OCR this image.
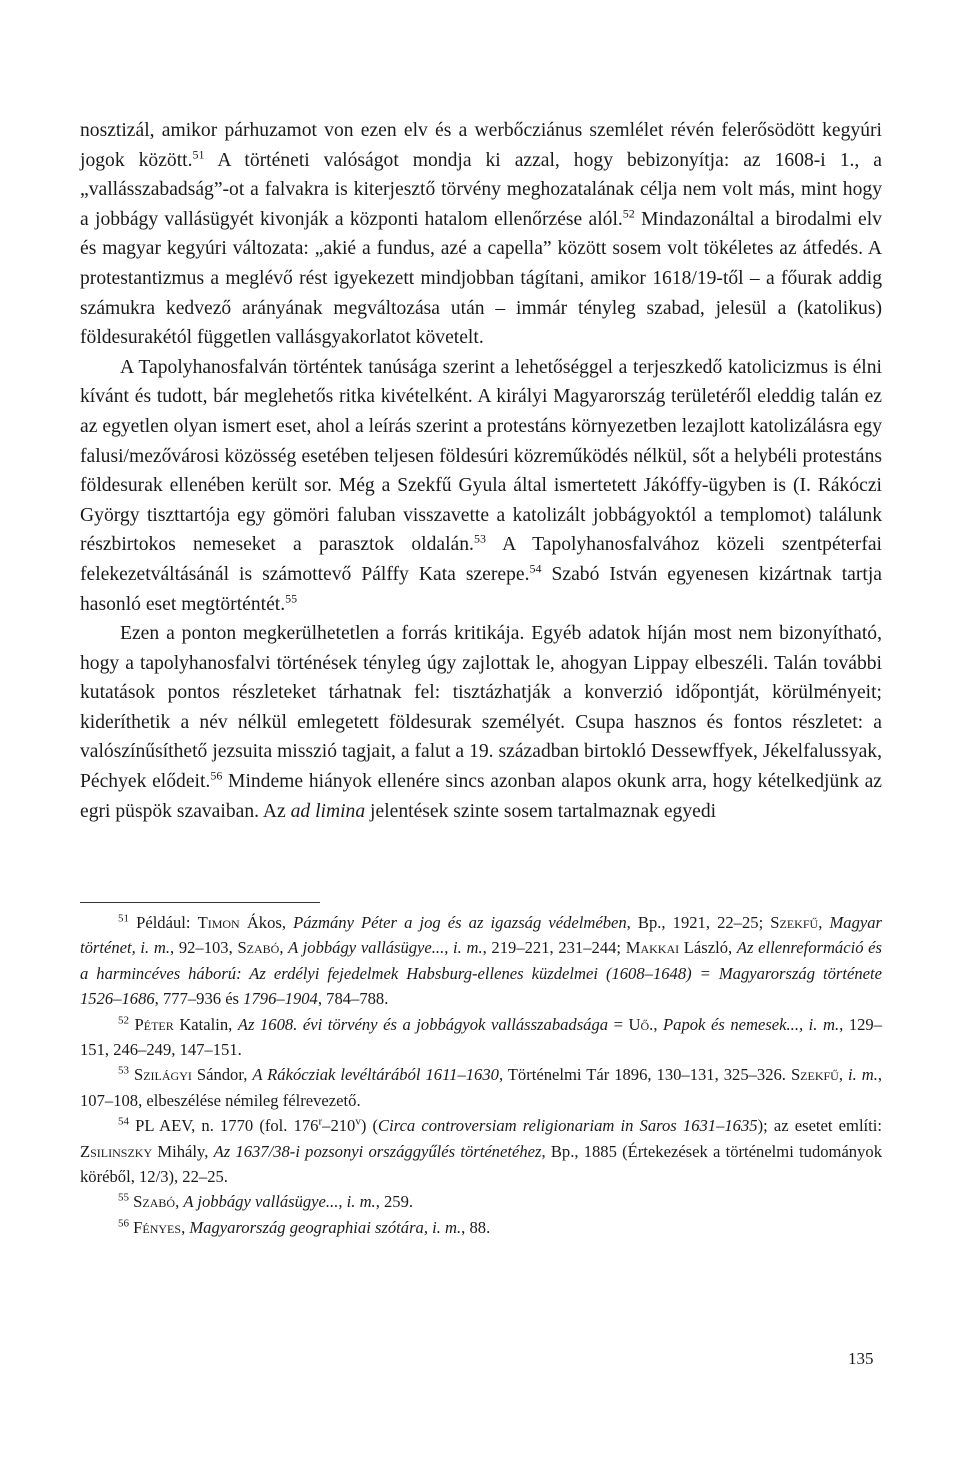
nosztizál, amikor párhuzamot von ezen elv és a werbőcziánus szemlélet révén felerősödött kegyúri jogok között.$^{51}$ A történeti valóságot mondja ki azzal, hogy bebizonyítja: az 1608-i 1., a „vallásszabadság”-ot a falvakra is kiterjesztő törvény meghozatalának célja nem volt más, mint hogy a jobbágy vallásügyét kivonják a központi hatalom ellenőrzése alól.$^{52}$ Mindazonáltal a birodalmi elv és magyar kegyúri változata: „akié a fundus, azé a capella” között sosem volt tökéletes az átfedés. A protestantizmus a meglévő rést igyekezett mindjobban tágítani, amikor 1618/19-től – a főurak addig számukra kedvező arányának megváltozása után – immár tényleg szabad, jelesül a (katolikus) földesurakétól független vallásgyakorlatot követelt.

A Tapolyhanosfalván történtek tanúsága szerint a lehetőséggel a terjeszkedő katolicizmus is élni kívánt és tudott, bár meglehetős ritka kivételként. A királyi Magyarország területéről eleddig talán ez az egyetlen olyan ismert eset, ahol a leírás szerint a protestáns környezetben lezajlott katolizálásra egy falusi/mezővárosi közösség esetében teljesen földesúri közreműködés nélkül, sőt a helybéli protestáns földesurak ellenében került sor. Még a Szekfű Gyula által ismertetett Jákóffy-ügyben is (I. Rákóczi György tiszttartója egy gömöri faluban visszavette a katolizált jobbágyoktól a templomot) találunk részbirtokos nemeseket a parasztok oldalán.$^{53}$ A Tapolyhanosfalvához közeli szentpéterfai felekezetváltásánál is számottevő Pálffy Kata szerepe.$^{54}$ Szabó István egyenesen kizártnak tartja hasonló eset megtörténtét.$^{55}$

Ezen a ponton megkerülhetetlen a forrás kritikája. Egyéb adatok híján most nem bizonyítható, hogy a tapolyhanosfalvi történések tényleg úgy zajlottak le, ahogyan Lippay elbeszéli. Talán további kutatások pontos részleteket tárhatnak fel: tisztázhatják a konverzió időpontját, körülményeit; kideríthetik a név nélkül emlegetett földesurak személyét. Csupa hasznos és fontos részletet: a valószínűsíthető jezsuita misszió tagjait, a falut a 19. században birtokló Dessewffyek, Jékelfalussyak, Péchyek elődeit.$^{56}$ Mindeme hiányok ellenére sincs azonban alapos okunk arra, hogy kételkedjünk az egri püspök szavaiban. Az ad limina jelentések szinte sosem tartalmaznak egyedi

$^{51}$ Például: Timon Ákos, Pázmány Péter a jog és az igazság védelmében, Bp., 1921, 22–25; Szekfű, Magyar történet, i. m., 92–103, Szabó, A jobbágy vallásügye..., i. m., 219–221, 231–244; Makkai László, Az ellenreformáció és a harmincéves háború: Az erdélyi fejedelmek Habsburg-ellenes küzdelmei (1608–1648) = Magyarország története 1526–1686, 777–936 és 1796–1904, 784–788.

$^{52}$ Péter Katalin, Az 1608. évi törvény és a jobbágyok vallásszabadsága = Uő., Papok és nemesek..., i. m., 129–151, 246–249, 147–151.

$^{53}$ Szilágyi Sándor, A Rákócziak levéltárából 1611–1630, Történelmi Tár 1896, 130–131, 325–326. Szekfű, i. m., 107–108, elbeszélése némileg félrevezető.

$^{54}$ PL AEV, n. 1770 (fol. 176$^r$–210$^v$) (Circa controversiam religionariam in Saros 1631–1635); az esetet említi: Zsilinszky Mihály, Az 1637/38-i pozsonyi országgyűlés történetéhez, Bp., 1885 (Értekezések a történelmi tudományok köréből, 12/3), 22–25.

$^{55}$ Szabó, A jobbágy vallásügye..., i. m., 259.

$^{56}$ Fényes, Magyarország geographiai szótára, i. m., 88.

135
